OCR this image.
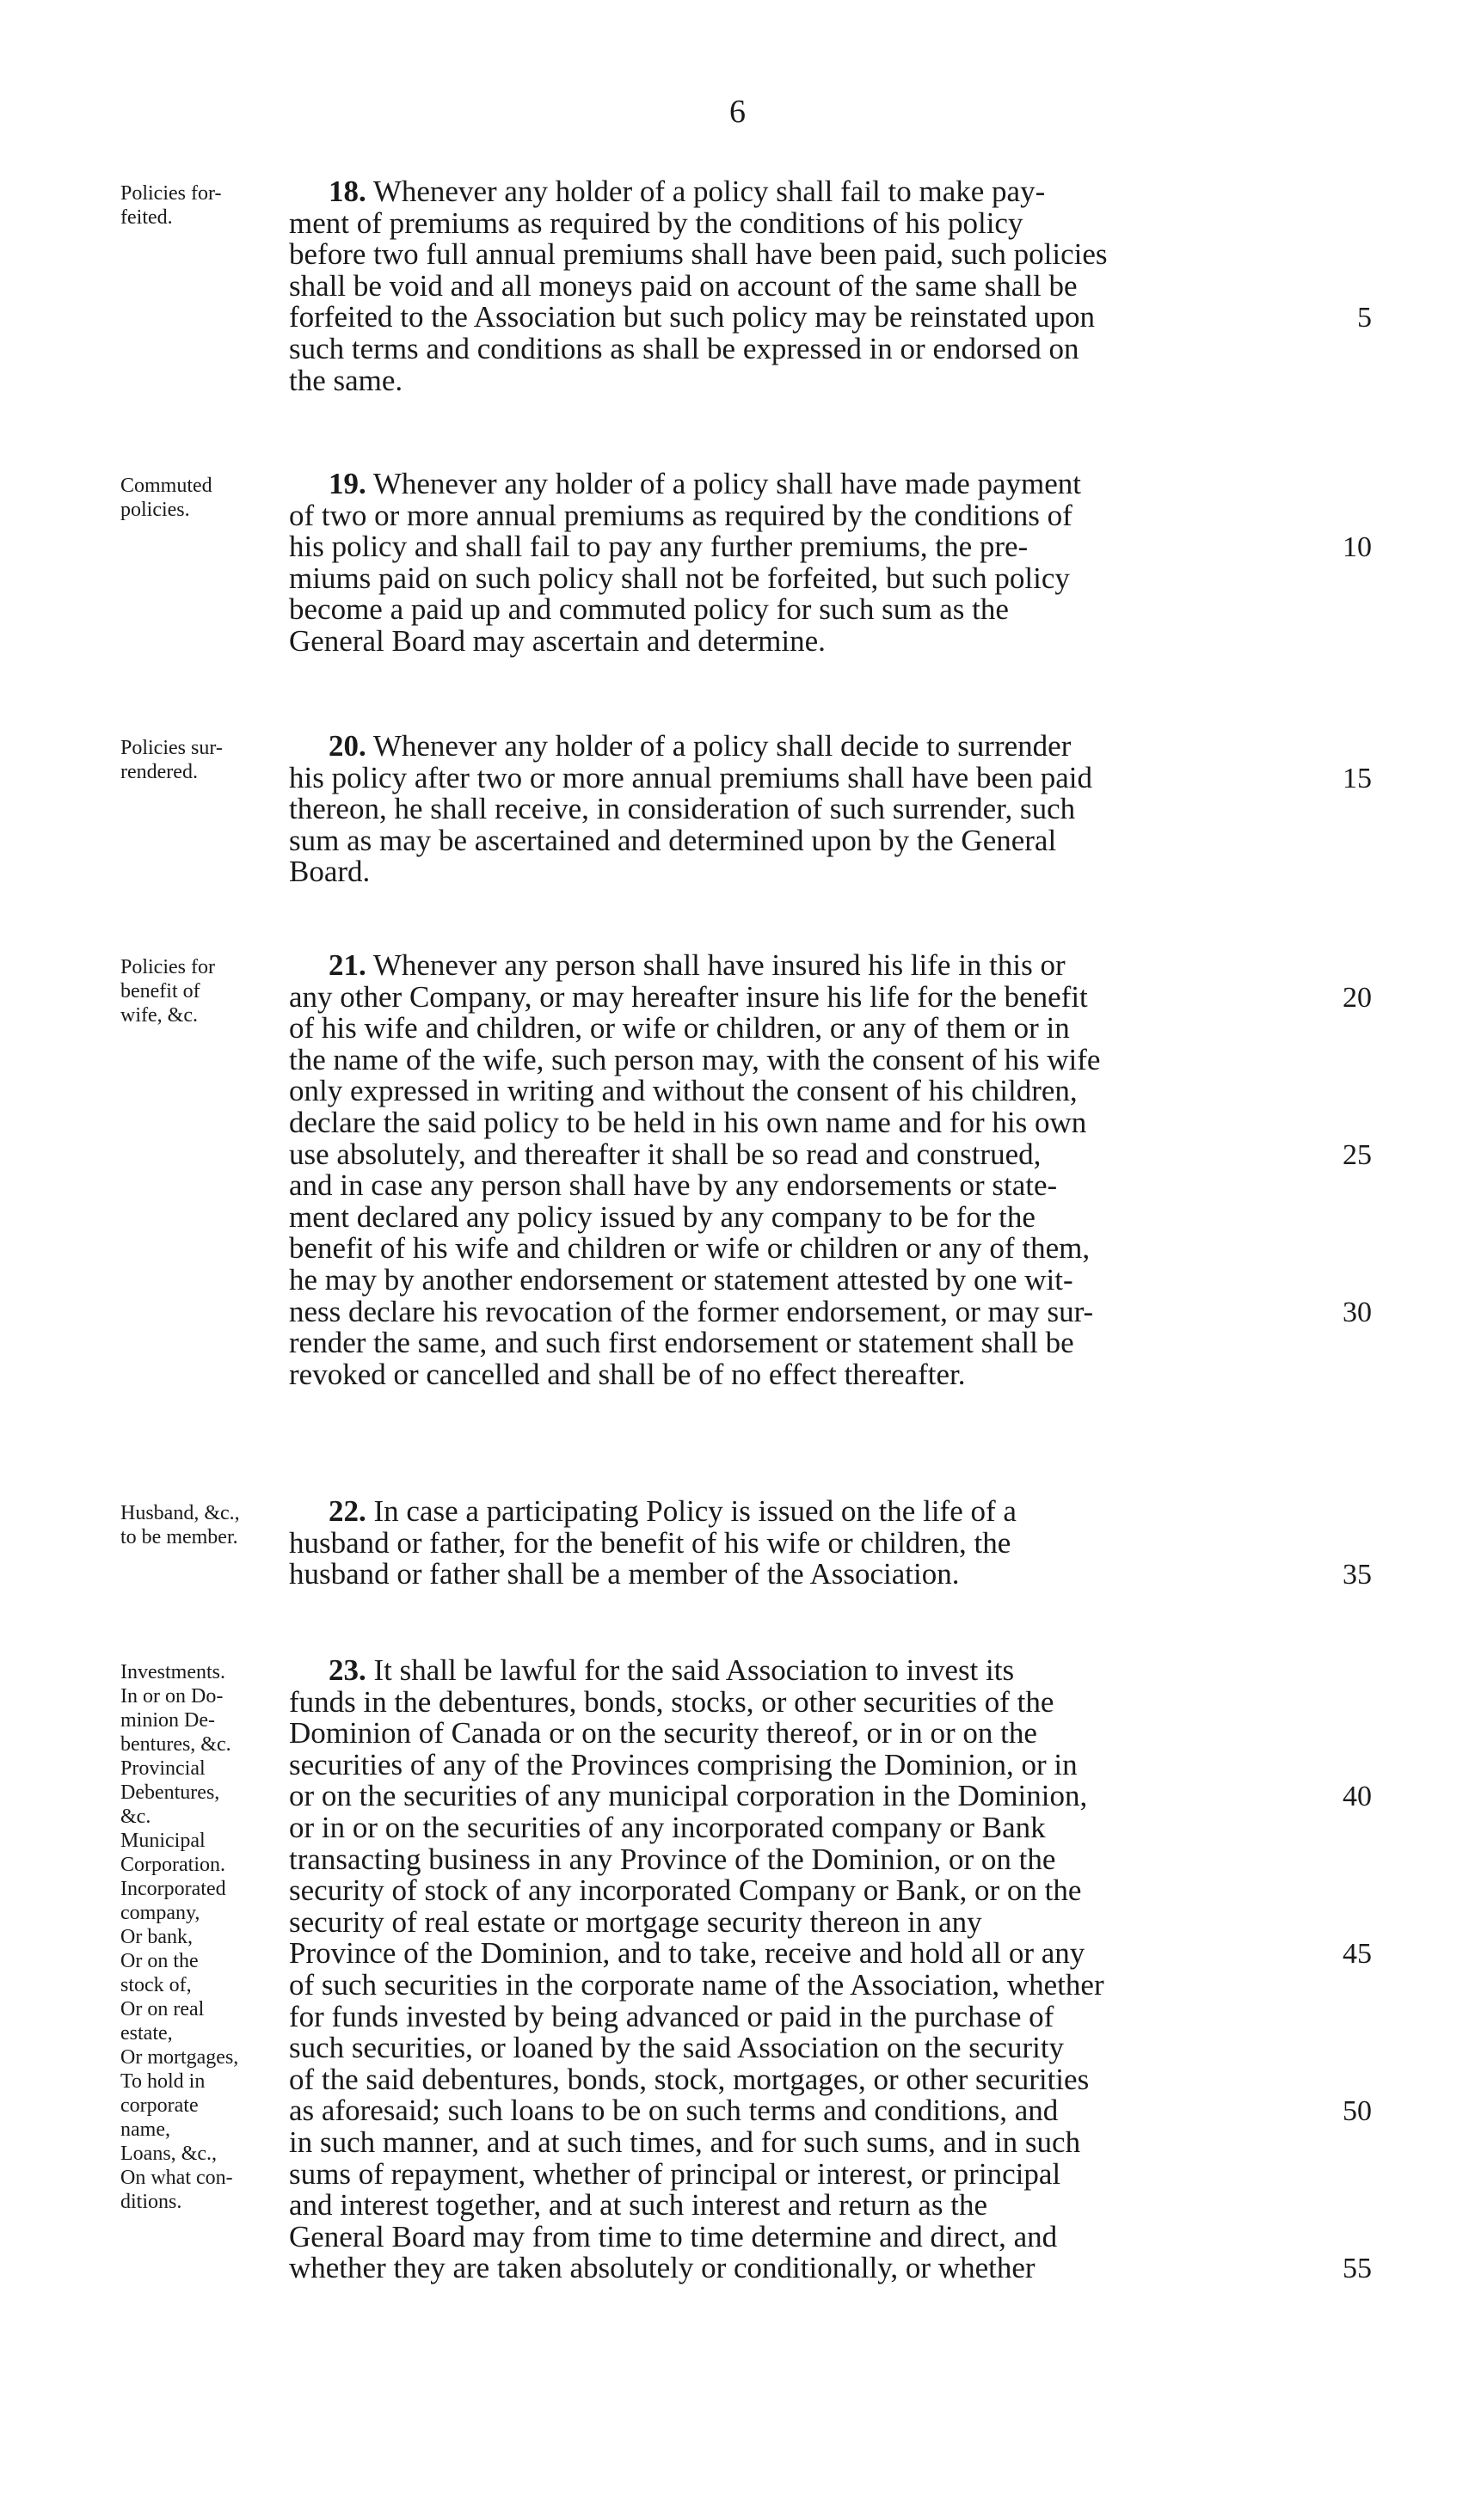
6
Policies for-
feited.
18. Whenever any holder of a policy shall fail to make pay-
ment of premiums as required by the conditions of his policy
before two full annual premiums shall have been paid, such policies
shall be void and all moneys paid on account of the same shall be
forfeited to the Association but such policy may be reinstated upon
such terms and conditions as shall be expressed in or endorsed on
the same.
5
Commuted
policies.
19. Whenever any holder of a policy shall have made payment
of two or more annual premiums as required by the conditions of
his policy and shall fail to pay any further premiums, the pre-
miums paid on such policy shall not be forfeited, but such policy
become a paid up and commuted policy for such sum as the
General Board may ascertain and determine.
10
Policies sur-
rendered.
20. Whenever any holder of a policy shall decide to surrender
his policy after two or more annual premiums shall have been paid
thereon, he shall receive, in consideration of such surrender, such
sum as may be ascertained and determined upon by the General
Board.
15
Policies for
benefit of
wife, &c.
21. Whenever any person shall have insured his life in this or
any other Company, or may hereafter insure his life for the benefit
of his wife and children, or wife or children, or any of them or in
the name of the wife, such person may, with the consent of his wife
only expressed in writing and without the consent of his children,
declare the said policy to be held in his own name and for his own
use absolutely, and thereafter it shall be so read and construed,
and in case any person shall have by any endorsements or state-
ment declared any policy issued by any company to be for the
benefit of his wife and children or wife or children or any of them,
he may by another endorsement or statement attested by one wit-
ness declare his revocation of the former endorsement, or may sur-
render the same, and such first endorsement or statement shall be
revoked or cancelled and shall be of no effect thereafter.
20
25
30
Husband, &c.,
to be member.
22. In case a participating Policy is issued on the life of a
husband or father, for the benefit of his wife or children, the
husband or father shall be a member of the Association.	35
Investments.
In or on Do-
minion De-
bentures, &c.
Provincial
Debentures,
&c.
Municipal
Corporation.
Incorporated
company,
Or bank,
Or on the
stock of,
Or on real
estate,
Or mortgages,
To hold in
corporate
name,
Loans, &c.,
On what con-
ditions.
23. It shall be lawful for the said Association to invest its
funds in the debentures, bonds, stocks, or other securities of the
Dominion of Canada or on the security thereof, or in or on the
securities of any of the Provinces comprising the Dominion, or in
or on the securities of any municipal corporation in the Dominion,
or in or on the securities of any incorporated company or Bank
transacting business in any Province of the Dominion, or on the
security of stock of any incorporated Company or Bank, or on the
security of real estate or mortgage security thereon in any
Province of the Dominion, and to take, receive and hold all or any
of such securities in the corporate name of the Association, whether
for funds invested by being advanced or paid in the purchase of
such securities, or loaned by the said Association on the security
of the said debentures, bonds, stock, mortgages, or other securities
as aforesaid; such loans to be on such terms and conditions, and
in such manner, and at such times, and for such sums, and in such
sums of repayment, whether of principal or interest, or principal
and interest together, and at such interest and return as the
General Board may from time to time determine and direct, and
whether they are taken absolutely or conditionally, or whether
40
45
50
55
